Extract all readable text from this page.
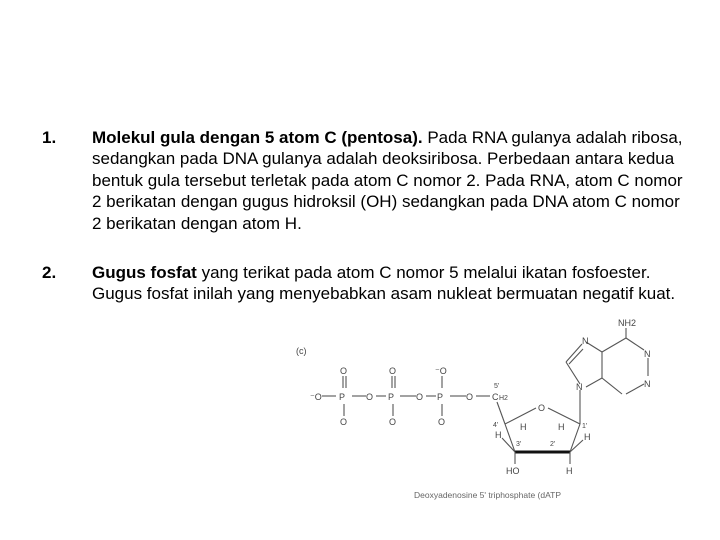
1. Molekul gula dengan 5 atom C (pentosa). Pada RNA gulanya adalah ribosa, sedangkan pada DNA gulanya adalah deoksiribosa. Perbedaan antara kedua bentuk gula tersebut terletak pada atom C nomor 2. Pada RNA, atom C nomor 2 berikatan dengan gugus hidroksil (OH) sedangkan pada DNA atom C nomor 2 berikatan dengan atom H.
2. Gugus fosfat yang terikat pada atom C nomor 5 melalui ikatan fosfoester. Gugus fosfat inilah yang menyebabkan asam nukleat bermuatan negatif kuat.
(c)
⁻O P	P	P
O	O	O
O	O	⁻O
O	O	O
C H2
5'
4'
O
1'
3'	2'
H
H	H
H
H
HO
N
N
N
N
NH2
Deoxyadenosine 5' triphosphate (dATP
